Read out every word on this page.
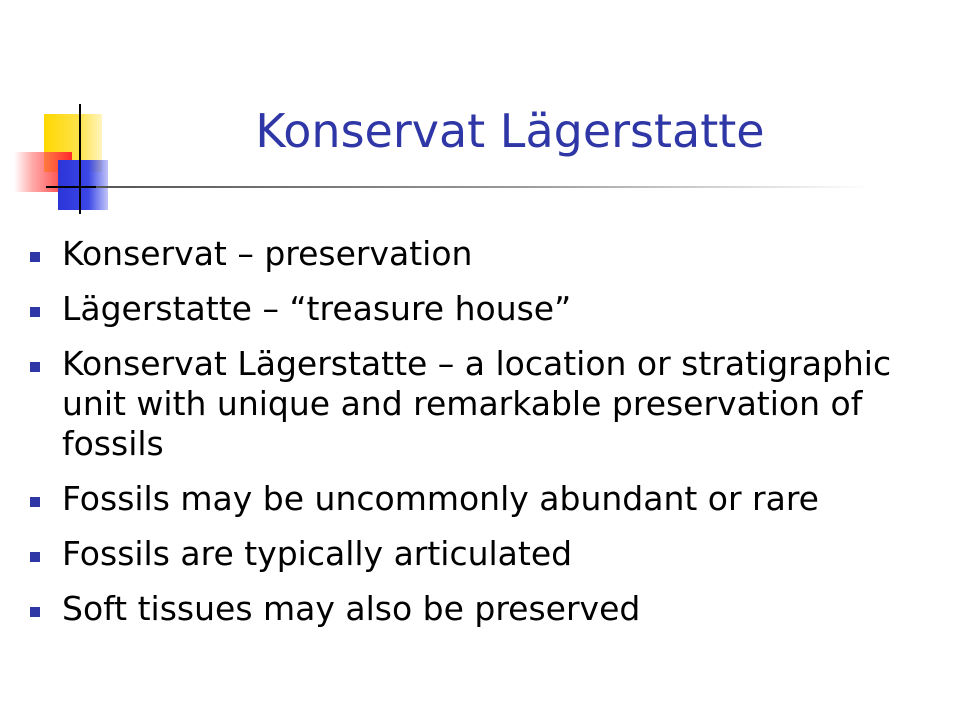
Konservat Lägerstatte
Konservat – preservation
Lägerstatte – “treasure house”
Konservat Lägerstatte – a location or stratigraphic unit with unique and remarkable preservation of fossils
Fossils may be uncommonly abundant or rare
Fossils are typically articulated
Soft tissues may also be preserved
